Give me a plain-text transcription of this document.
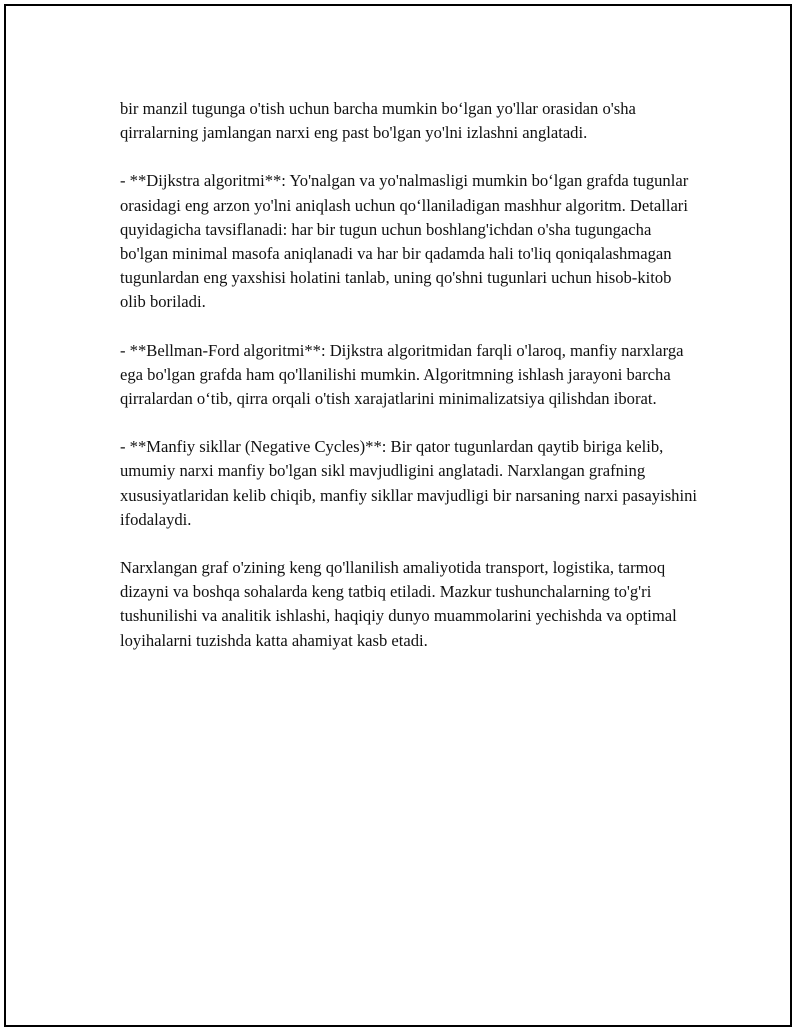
bir manzil tugunga o'tish uchun barcha mumkin bo‘lgan yo'llar orasidan o'sha qirralarning jamlangan narxi eng past bo'lgan yo'lni izlashni anglatadi.

- **Dijkstra algoritmi**: Yo'nalgan va yo'nalmasligi mumkin bo‘lgan grafda tugunlar orasidagi eng arzon yo'lni aniqlash uchun qo‘llaniladigan mashhur algoritm. Detallari quyidagicha tavsiflanadi: har bir tugun uchun boshlang'ichdan o'sha tugungacha bo'lgan minimal masofa aniqlanadi va har bir qadamda hali to'liq qoniqalashmagan tugunlardan eng yaxshisi holatini tanlab, uning qo'shni tugunlari uchun hisob-kitob olib boriladi.

- **Bellman-Ford algoritmi**: Dijkstra algoritmidan farqli o'laroq, manfiy narxlarga ega bo'lgan grafda ham qo'llanilishi mumkin. Algoritmning ishlash jarayoni barcha qirralardan o‘tib, qirra orqali o'tish xarajatlarini minimalizatsiya qilishdan iborat.

- **Manfiy sikllar (Negative Cycles)**: Bir qator tugunlardan qaytib biriga kelib, umumiy narxi manfiy bo'lgan sikl mavjudligini anglatadi. Narxlangan grafning xususiyatlaridan kelib chiqib, manfiy sikllar mavjudligi bir narsaning narxi pasayishini ifodalaydi.

Narxlangan graf o'zining keng qo'llanilish amaliyotida transport, logistika, tarmoq dizayni va boshqa sohalarda keng tatbiq etiladi. Mazkur tushunchalarning to'g'ri tushunilishi va analitik ishlashi, haqiqiy dunyo muammolarini yechishda va optimal loyihalarni tuzishda katta ahamiyat kasb etadi.
